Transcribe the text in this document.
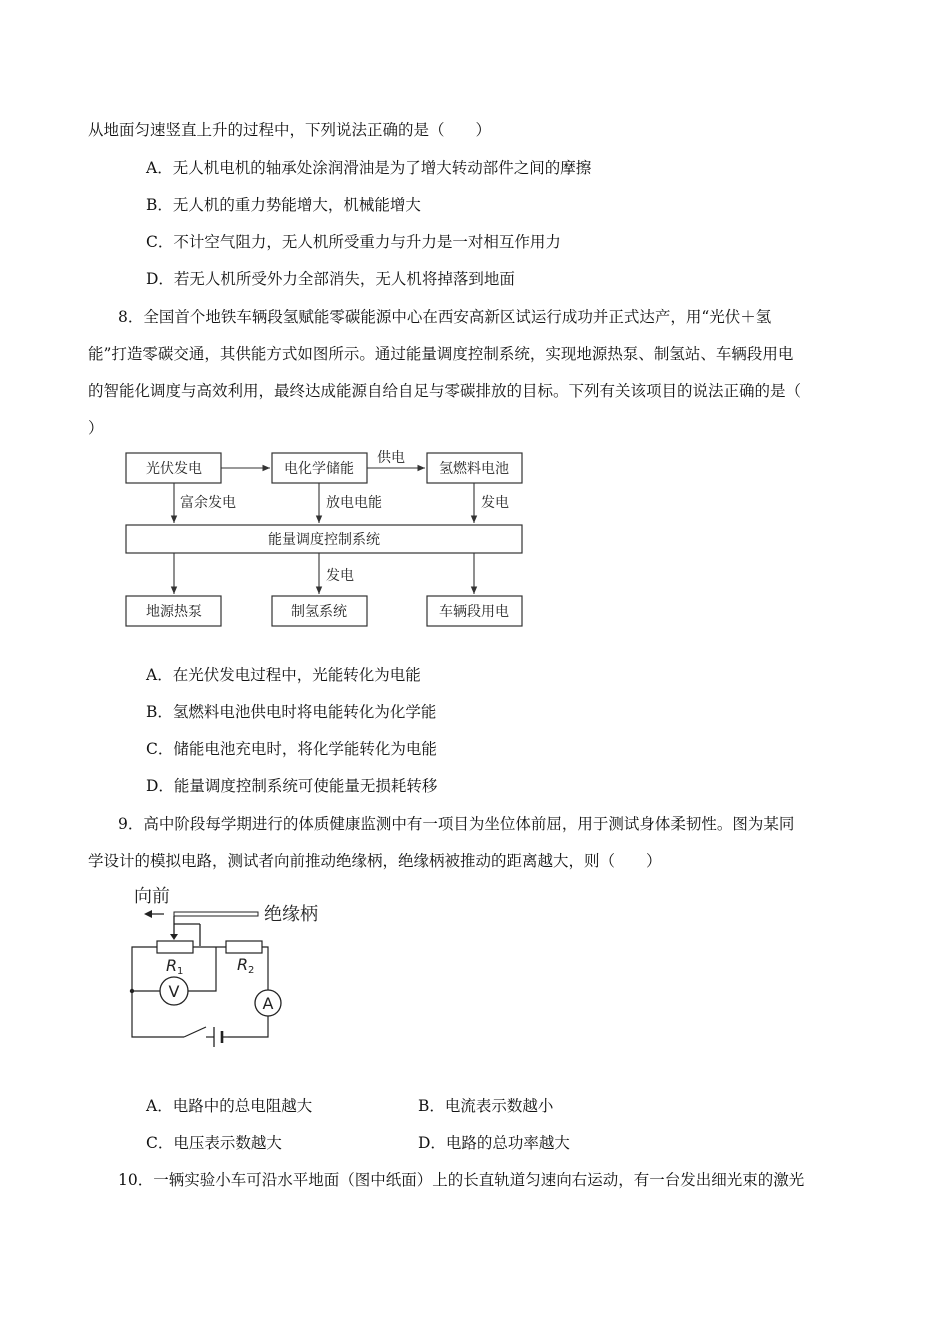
从地面匀速竖直上升的过程中，下列说法正确的是（　　）
A．无人机电机的轴承处涂润滑油是为了增大转动部件之间的摩擦
B．无人机的重力势能增大，机械能增大
C．不计空气阻力，无人机所受重力与升力是一对相互作用力
D．若无人机所受外力全部消失，无人机将掉落到地面
8．全国首个地铁车辆段氢赋能零碳能源中心在西安高新区试运行成功并正式达产，用“光伏＋氢
能”打造零碳交通，其供能方式如图所示。通过能量调度控制系统，实现地源热泵、制氢站、车辆段用电
的智能化调度与高效利用，最终达成能源自给自足与零碳排放的目标。下列有关该项目的说法正确的是（
）
光伏发电	电化学储能	氢燃料电池
能量调度控制系统
地源热泵	制氢系统	车辆段用电
供电
富余发电	放电电能	发电
发电
A．在光伏发电过程中，光能转化为电能
B．氢燃料电池供电时将电能转化为化学能
C．储能电池充电时，将化学能转化为电能
D．能量调度控制系统可使能量无损耗转移
9．高中阶段每学期进行的体质健康监测中有一项目为坐位体前屈，用于测试身体柔韧性。图为某同
学设计的模拟电路，测试者向前推动绝缘柄，绝缘柄被推动的距离越大，则（　　）
向前
绝缘柄
V
A
R	R
1	2
A．电路中的总电阻越大	B．电流表示数越小
C．电压表示数越大	D．电路的总功率越大
10．一辆实验小车可沿水平地面（图中纸面）上的长直轨道匀速向右运动，有一台发出细光束的激光
